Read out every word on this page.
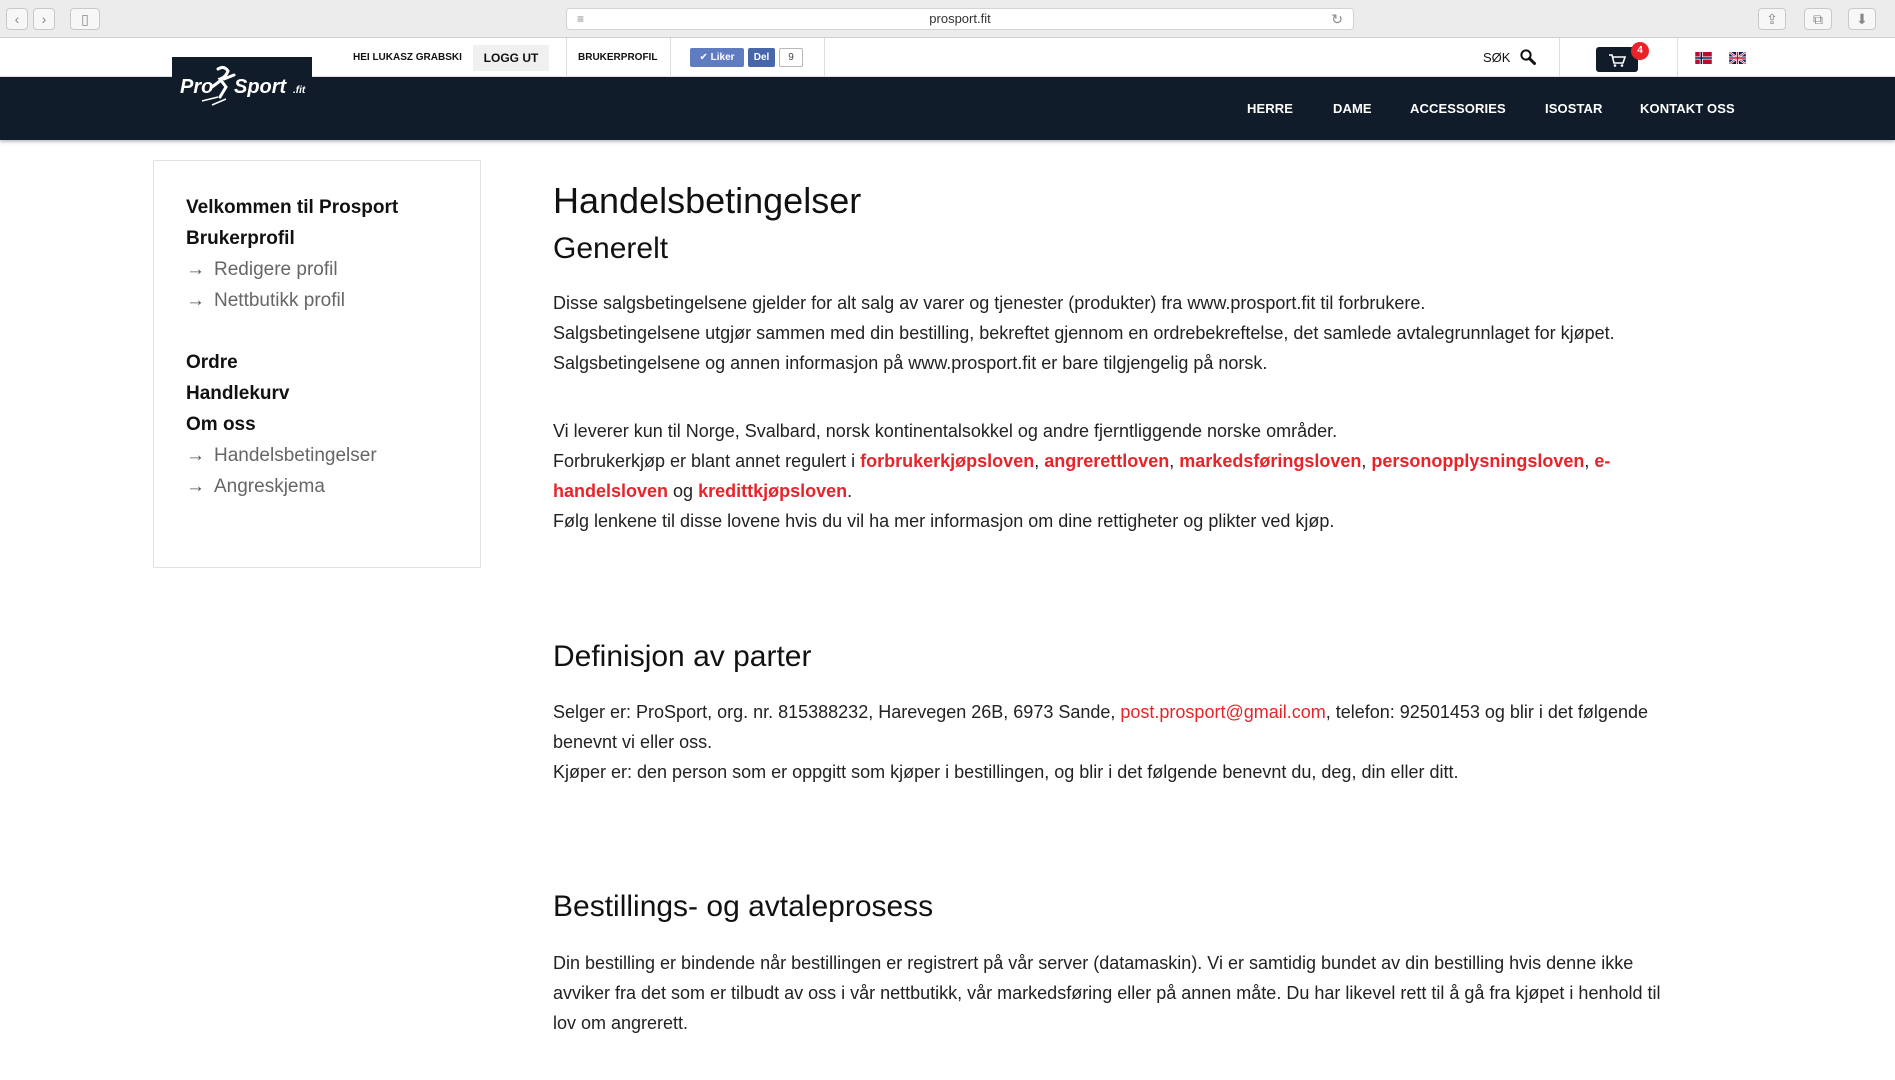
‹	›	▯	≡	prosport.fit	↻	⇪	⧉	⬇
HEI LUKASZ GRABSKI	LOGG UT	BRUKERPROFIL	✔ Liker	Del	9	SØK	4
Pro Sport .fit
HERRE	DAME	ACCESSORIES	ISOSTAR	KONTAKT OSS
Velkommen til Prosport
Brukerprofil
→ Redigere profil
→ Nettbutikk profil
Ordre
Handlekurv
Om oss
→ Handelsbetingelser
→ Angreskjema
Handelsbetingelser
Generelt

Disse salgsbetingelsene gjelder for alt salg av varer og tjenester (produkter) fra www.prosport.fit til forbrukere.

Salgsbetingelsene utgjør sammen med din bestilling, bekreftet gjennom en ordrebekreftelse, det samlede avtalegrunnlaget for kjøpet.

Salgsbetingelsene og annen informasjon på www.prosport.fit er bare tilgjengelig på norsk.

Vi leverer kun til Norge, Svalbard, norsk kontinentalsokkel og andre fjerntliggende norske områder.

Forbrukerkjøp er blant annet regulert i forbrukerkjøpsloven, angrerettloven, markedsføringsloven, personopplysningsloven, e-

handelsloven og kredittkjøpsloven.

Følg lenkene til disse lovene hvis du vil ha mer informasjon om dine rettigheter og plikter ved kjøp.

Definisjon av parter

Selger er: ProSport, org. nr. 815388232, Harevegen 26B, 6973 Sande, post.prosport@gmail.com, telefon: 92501453 og blir i det følgende

benevnt vi eller oss.

Kjøper er: den person som er oppgitt som kjøper i bestillingen, og blir i det følgende benevnt du, deg, din eller ditt.

Bestillings- og avtaleprosess

Din bestilling er bindende når bestillingen er registrert på vår server (datamaskin). Vi er samtidig bundet av din bestilling hvis denne ikke

avviker fra det som er tilbudt av oss i vår nettbutikk, vår markedsføring eller på annen måte. Du har likevel rett til å gå fra kjøpet i henhold til

lov om angrerett.
